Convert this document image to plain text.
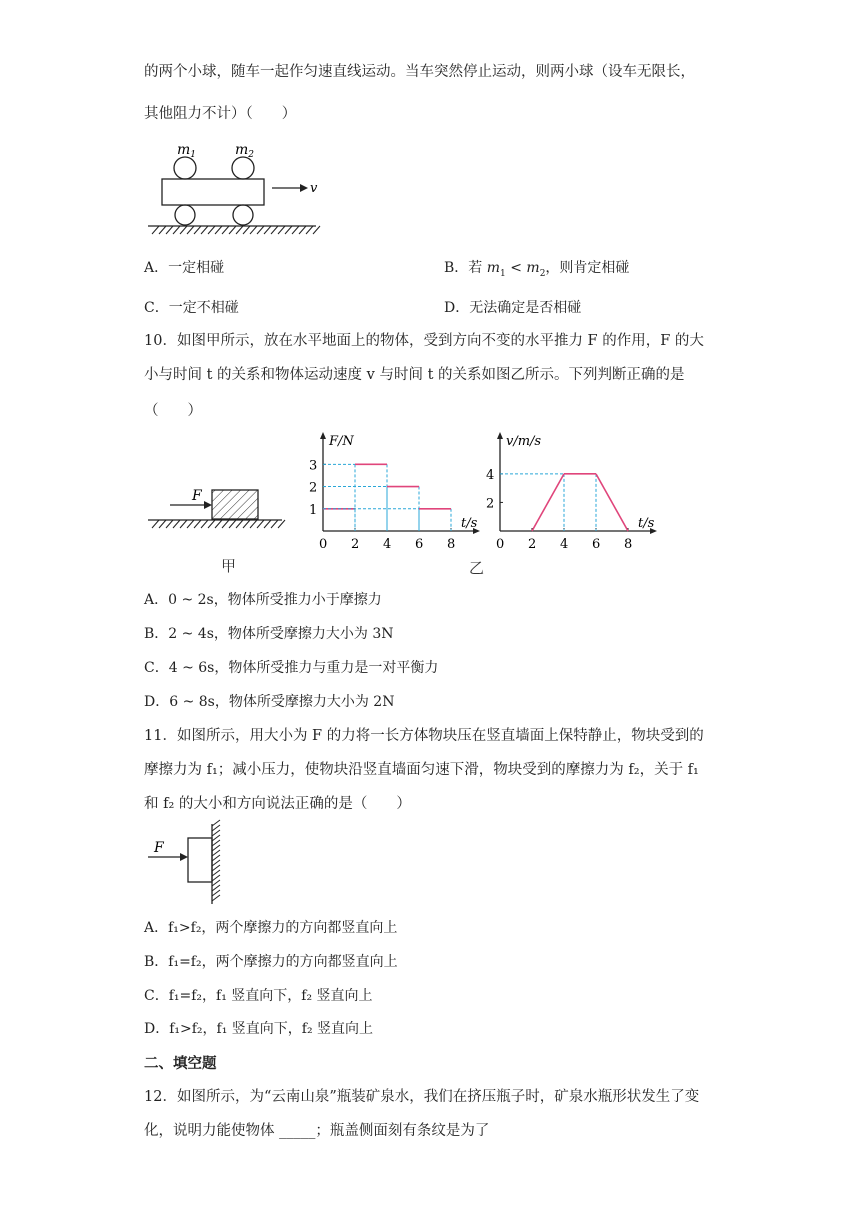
的两个小球，随车一起作匀速直线运动。当车突然停止运动，则两小球（设车无限长，
其他阻力不计）（　　）
$m_1$	$m_2$
v
A．一定相碰	B．若 $m_1 < m_2$，则肯定相碰
C．一定不相碰	D．无法确定是否相碰
10．如图甲所示，放在水平地面上的物体，受到方向不变的水平推力 F 的作用，F 的大
小与时间 t 的关系和物体运动速度 v 与时间 t 的关系如图乙所示。下列判断正确的是
（　　）
F
甲
F/N
t/s
0 2 4 6 8
1
2
3
v/m/s
t/s
0 2 4 6 8
2
4
乙
A．0 ~ 2s，物体所受推力小于摩擦力
B．2 ~ 4s，物体所受摩擦力大小为 3N
C．4 ~ 6s，物体所受推力与重力是一对平衡力
D．6 ~ 8s，物体所受摩擦力大小为 2N
11．如图所示，用大小为 F 的力将一长方体物块压在竖直墙面上保特静止，物块受到的
摩擦力为 f₁；减小压力，使物块沿竖直墙面匀速下滑，物块受到的摩擦力为 f₂，关于 f₁
和 f₂ 的大小和方向说法正确的是（　　）
F
A．f₁>f₂，两个摩擦力的方向都竖直向上
B．f₁=f₂，两个摩擦力的方向都竖直向上
C．f₁=f₂，f₁ 竖直向下，f₂ 竖直向上
D．f₁>f₂，f₁ 竖直向下，f₂ 竖直向上
二、填空题
12．如图所示，为“云南山泉”瓶装矿泉水，我们在挤压瓶子时，矿泉水瓶形状发生了变
化，说明力能使物体 _____；瓶盖侧面刻有条纹是为了
